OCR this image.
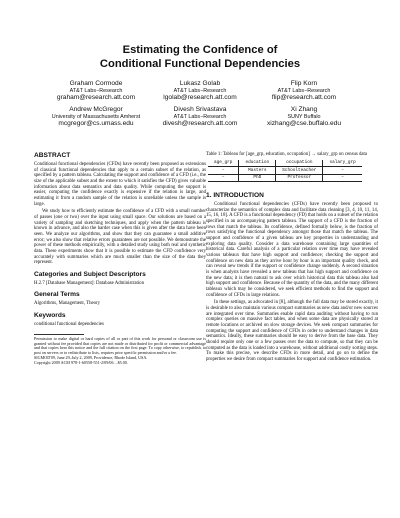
Estimating the Confidence of
Conditional Functional Dependencies
Graham Cormode
AT&T Labs−Research
graham@research.att.com
Lukasz Golab
AT&T Labs−Research
lgolab@research.att.com
Flip Korn
AT&T Labs−Research
flip@research.att.com
Andrew McGregor
University of Massachusetts Amherst
mcgregor@cs.umass.edu
Divesh Srivastava
AT&T Labs−Research
divesh@research.att.com
Xi Zhang
SUNY Buffalo
xizhang@cse.buffalo.edu
ABSTRACT

Conditional functional dependencies (CFDs) have recently been proposed as extensions of classical functional dependencies that apply to a certain subset of the relation, as specified by a pattern tableau. Calculating the support and confidence of a CFD (i.e., the size of the applicable subset and the extent to which it satisfies the CFD) gives valuable information about data semantics and data quality. While computing the support is easier, computing the confidence exactly is expensive if the relation is large, and estimating it from a random sample of the relation is unreliable unless the sample is large.

We study how to efficiently estimate the confidence of a CFD with a small number of passes (one or two) over the input using small space. Our solutions are based on a variety of sampling and sketching techniques, and apply when the pattern tableau is known in advance, and also the harder case when this is given after the data have been seen. We analyze our algorithms, and show that they can guarantee a small additive error; we also show that relative errors guarantees are not possible. We demonstrate the power of these methods empirically, with a detailed study using both real and synthetic data. These experiments show that it is possible to estimate the CFD confidence very accurately with summaries which are much smaller than the size of the data they represent.

Categories and Subject Descriptors

H.2.7 [Database Management]: Database Administration

General Terms

Algorithms, Management, Theory

Keywords

conditional functional dependencies

Permission to make digital or hard copies of all or part of this work for personal or classroom use is granted without fee provided that copies are not made or distributed for profit or commercial advantage and that copies bear this notice and the full citation on the first page. To copy otherwise, to republish, to post on servers or to redistribute to lists, requires prior specific permission and/or a fee.
SIGMOD'09, June 29–July 2, 2009, Providence, Rhode Island, USA.
Copyright 2009 ACM 978-1-60558-551-2/09/06 ...$5.00.
Table 1: Tableau for [age_grp, education, occupation] → salary_grp on census data
age_grp	education	occupation	salary_grp
–	Masters	Schoolteacher	–
–	PhD	Professor	–
1. INTRODUCTION

Conditional functional dependencies (CFDs) have recently been proposed to characterize the semantics of complex data and facilitate data cleaning [3, 4, 10, 11, 14, 15, 16, 18]. A CFD is a functional dependency (FD) that holds on a subset of the relation specified in an accompanying pattern tableau. The support of a CFD is the fraction of rows that match the tableau. Its confidence, defined formally below, is the fraction of rows satisfying the functional dependency amongst those that match the tableau. The support and confidence of a given tableau are key properties in understanding and exploring data quality. Consider a data warehouse containing large quantities of historical data. Careful analysis of a particular relation over time may have revealed various tableaux that have high support and confidence; checking the support and confidence on new data as they arrive hour by hour is an important quality check, and can reveal new trends if the support or confidence change suddenly. A second situation is when analysts have revealed a new tableau that has high support and confidence on the new data; it is then natural to ask over which historical data this tableau also had high support and confidence. Because of the quantity of the data, and the many different tableaux which may be considered, we seek efficient methods to find the support and confidence of CFDs in large relations.

In these settings, as advocated in [8], although the full data may be stored exactly, it is desirable to also maintain various compact summaries as new data and/or new sources are integrated over time. Summaries enable rapid data auditing without having to run complex queries on massive fact tables, and when some data are physically stored at remote locations or archived on slow storage devices. We seek compact summaries for computing the support and confidence of CFDs in order to understand changes in data semantics. Ideally, these summaries should be easy to derive from the base data. They should require only one or a few passes over the data to compute, so that they can be computed as the data is loaded into a warehouse, without additional costly sorting steps. To make this precise, we describe CFDs in more detail, and go on to define the properties we desire from compact summaries for support and confidence estimation.
